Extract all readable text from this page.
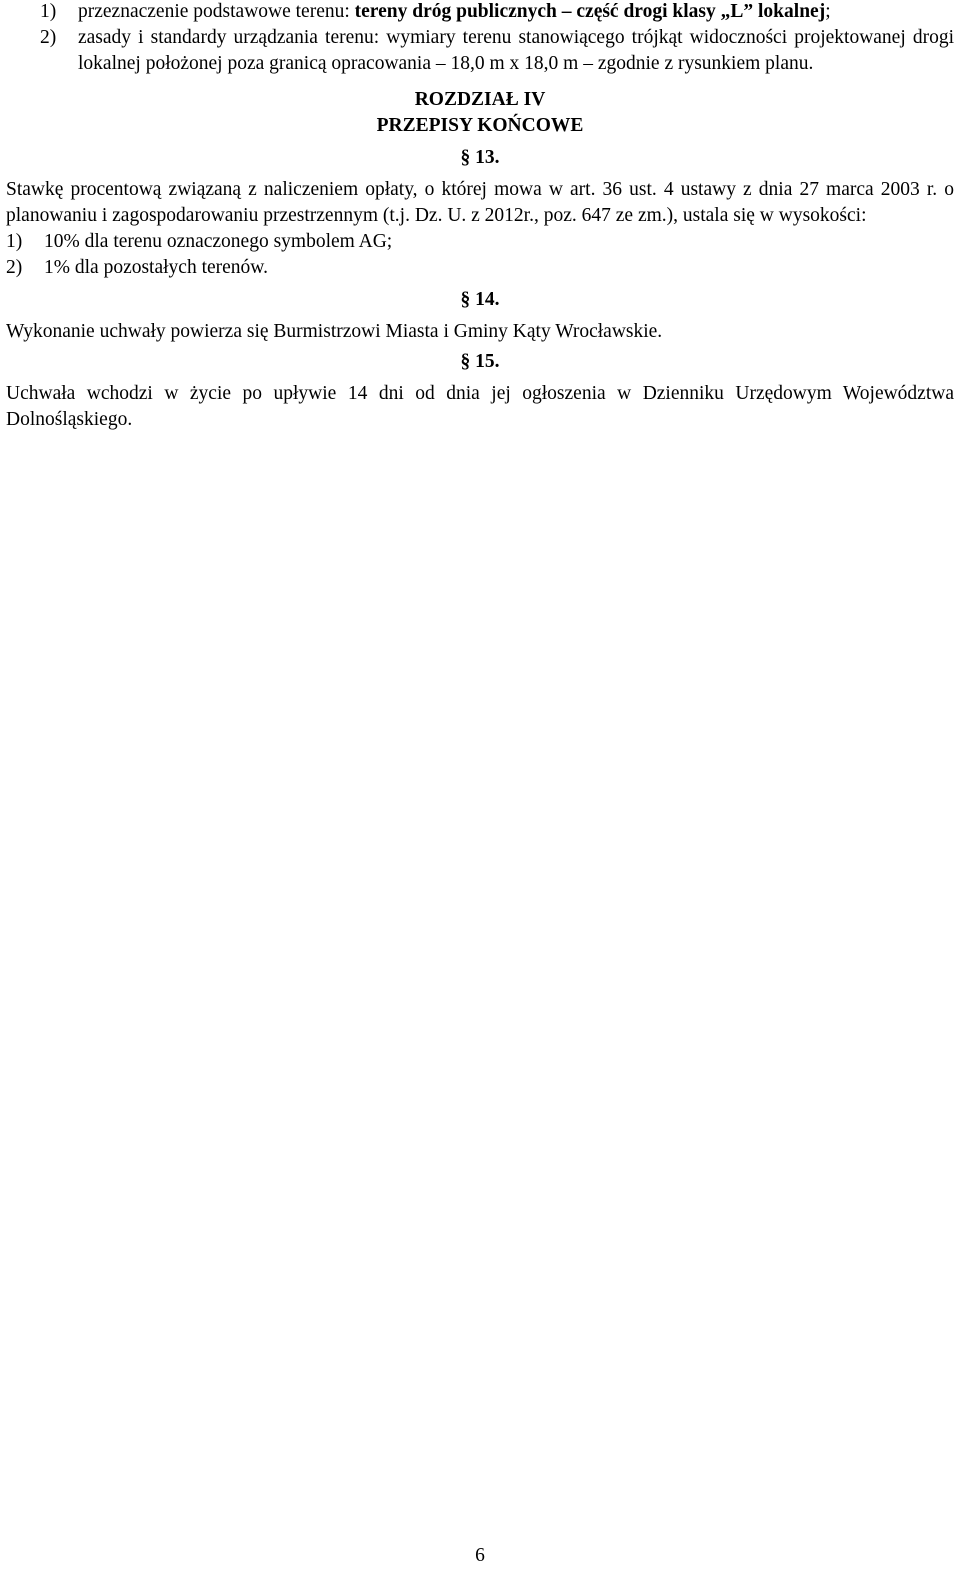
1)	przeznaczenie podstawowe terenu: tereny dróg publicznych – część drogi klasy „L” lokalnej;
2)	zasady i standardy urządzania terenu: wymiary terenu stanowiącego trójkąt widoczności projektowanej drogi lokalnej położonej poza granicą opracowania – 18,0 m x 18,0 m – zgodnie z rysunkiem planu.

ROZDZIAŁ IV

PRZEPISY KOŃCOWE

§ 13.

Stawkę procentową związaną z naliczeniem opłaty, o której mowa w art. 36 ust. 4 ustawy z dnia 27 marca 2003 r. o planowaniu i zagospodarowaniu przestrzennym (t.j. Dz. U. z 2012r., poz. 647 ze zm.), ustala się w wysokości:

1)	10% dla terenu oznaczonego symbolem AG;
2)	1% dla pozostałych terenów.

§ 14.

Wykonanie uchwały powierza się Burmistrzowi Miasta i Gminy Kąty Wrocławskie.

§ 15.

Uchwała wchodzi w życie po upływie 14 dni od dnia jej ogłoszenia w Dzienniku Urzędowym Województwa Dolnośląskiego.

6
